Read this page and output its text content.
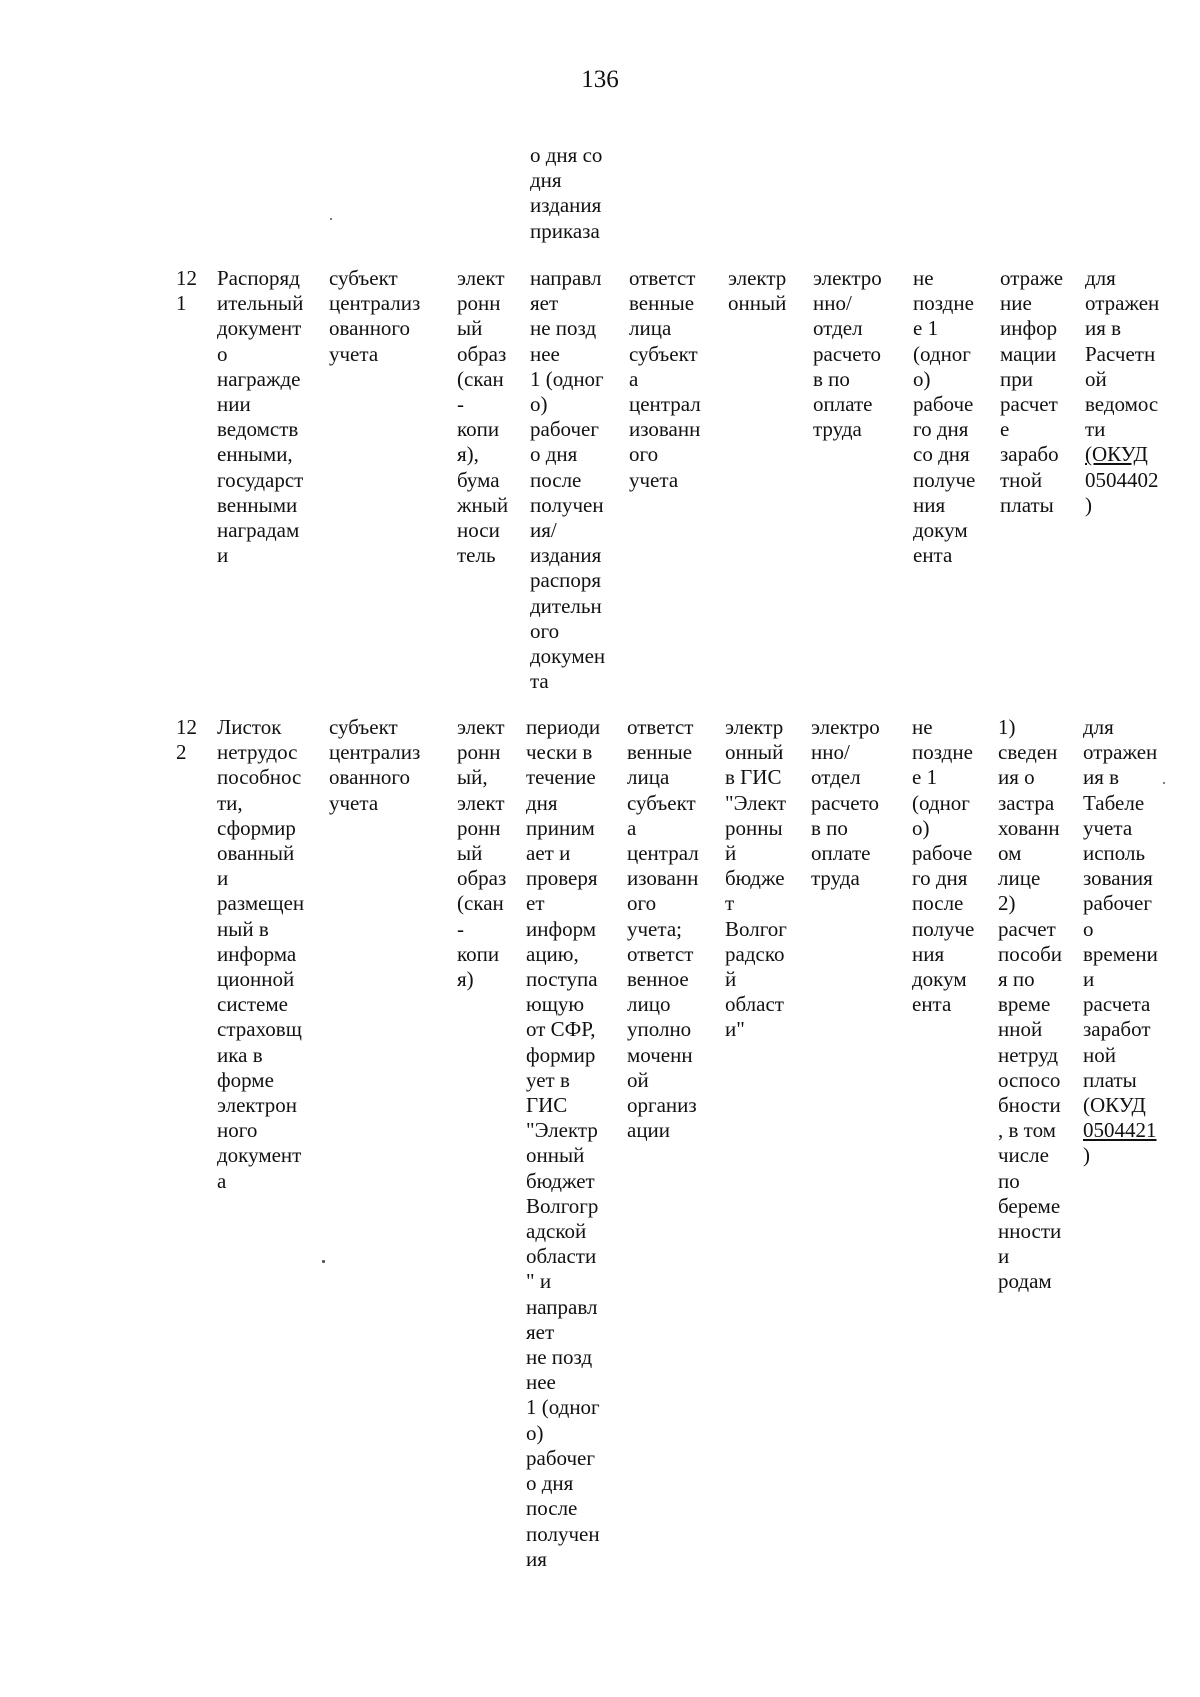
136
о дня со
дня
издания
приказа
12
1
Распоряд
ительный
документ
о
награжде
нии
ведомств
енными,
государст
венными
наградам
и
субъект
централиз
ованного
учета
элект
ронн
ый
образ
(скан
-
копи
я),
бума
жный
носи
тель
направл
яет
не позд
нее
1 (одног
о)
рабочег
о дня
после
получен
ия/
издания
распоря
дительн
ого
докумен
та
ответст
венные
лица
субъект
а
централ
изованн
ого
учета
электр
онный
электро
нно/
отдел
расчето
в по
оплате
труда
не
поздне
е 1
(одног
о)
рабоче
го дня
со дня
получе
ния
докум
ента
отраже
ние
инфор
мации
при
расчет
е
зарабо
тной
платы
для
отражен
ия в
Расчетн
ой
ведомос
ти
(ОКУД
0504402
)
12
2
Листок
нетрудос
пособнос
ти,
сформир
ованный
и
размещен
ный в
информа
ционной
системе
страховщ
ика в
форме
электрон
ного
документ
а
субъект
централиз
ованного
учета
элект
ронн
ый,
элект
ронн
ый
образ
(скан
-
копи
я)
периоди
чески в
течение
дня
приним
ает и
проверя
ет
информ
ацию,
поступа
ющую
от СФР,
формир
ует в
ГИС
"Электр
онный
бюджет
Волгогр
адской
области
" и
направл
яет
не позд
нее
1 (одног
о)
рабочег
о дня
после
получен
ия
ответст
венные
лица
субъект
а
централ
изованн
ого
учета;
ответст
венное
лицо
уполно
моченн
ой
организ
ации
электр
онный
в ГИС
"Элект
ронны
й
бюдже
т
Волгог
радско
й
област
и"
электро
нно/
отдел
расчето
в по
оплате
труда
не
поздне
е 1
(одног
о)
рабоче
го дня
после
получе
ния
докум
ента
1)
сведен
ия о
застра
хованн
ом
лице
2)
расчет
пособи
я по
време
нной
нетруд
оспосо
бности
, в том
числе
по
береме
нности
и
родам
для
отражен
ия в
Табеле
учета
исполь
зования
рабочег
о
времени
и
расчета
заработ
ной
платы
(ОКУД
0504421
)
